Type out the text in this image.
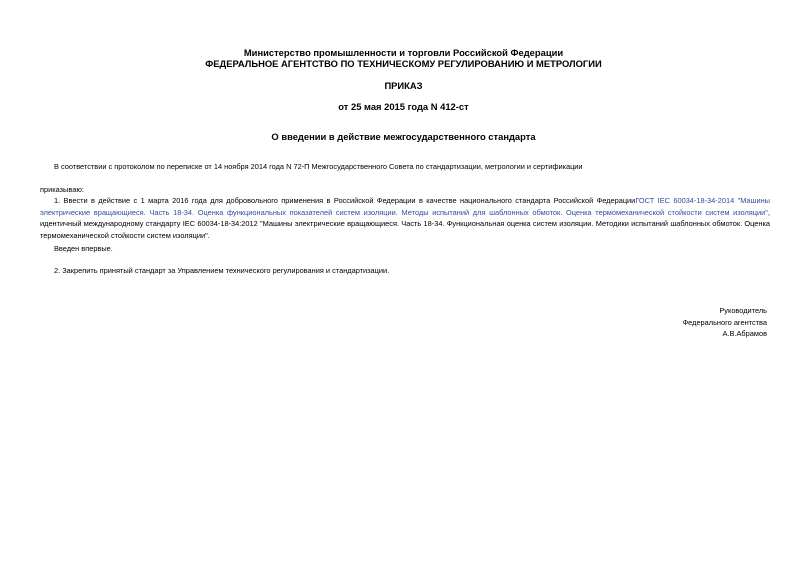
Министерство промышленности и торговли Российской Федерации
ФЕДЕРАЛЬНОЕ АГЕНТСТВО ПО ТЕХНИЧЕСКОМУ РЕГУЛИРОВАНИЮ И МЕТРОЛОГИИ
ПРИКАЗ
от 25 мая 2015 года N 412-ст
О введении в действие межгосударственного стандарта
В соответствии с протоколом по переписке от 14 ноября 2014 года N 72-П Межгосударственного Совета по стандартизации, метрологии и сертификации
приказываю:
1. Ввести в действие с 1 марта 2016 года для добровольного применения в Российской Федерации в качестве национального стандарта Российской ФедерацииГОСТ IEC 60034-18-34-2014 "Машины электрические вращающиеся. Часть 18-34. Оценка функциональных показателей систем изоляции. Методы испытаний для шаблонных обмоток. Оценка термомеханической стойкости систем изоляции", идентичный международному стандарту IEC 60034-18-34:2012 "Машины электрические вращающиеся. Часть 18-34. Функциональная оценка систем изоляции. Методики испытаний шаблонных обмоток. Оценка термомеханической стойкости систем изоляции".
Введен впервые.
2. Закрепить принятый стандарт за Управлением технического регулирования и стандартизации.
Руководитель
Федерального агентства
А.В.Абрамов
